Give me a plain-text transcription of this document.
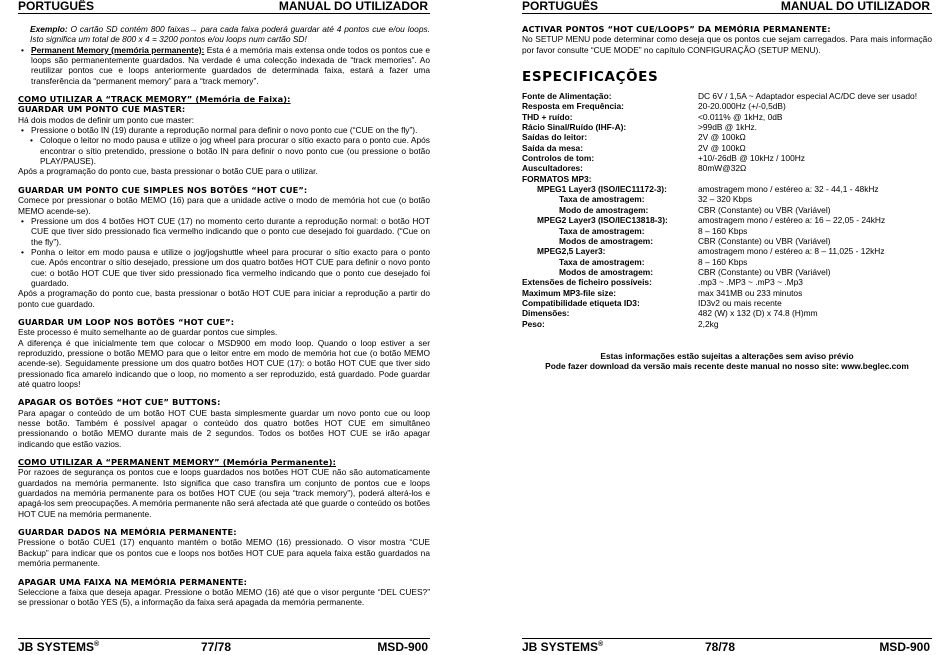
PORTUGUÊS	MANUAL DO UTILIZADOR

Exemplo: O cartão SD contém 800 faixas→ para cada faixa poderá guardar até 4 pontos cue e/ou loops. Isto significa um total de 800 x 4 = 3200 pontos e/ou loops num cartão SD!

• Permanent Memory (memória permanente): Esta é a memória mais extensa onde todos os pontos cue e loops são permanentemente guardados. Na verdade é uma colecção indexada de “track memories”. Ao reutilizar pontos cue e loops anteriormente guardados de determinada faixa, estará a fazer uma transferência da “permanent memory” para a “track memory”.

COMO UTILIZAR A “TRACK MEMORY” (Memória de Faixa):

GUARDAR UM PONTO CUE MASTER:

Há dois modos de definir um ponto cue master:

• Pressione o botão IN (19) durante a reprodução normal para definir o novo ponto cue (“CUE on the fly”).

• Coloque o leitor no modo pausa e utilize o jog wheel para procurar o sítio exacto para o ponto cue. Após encontrar o sítio pretendido, pressione o botão IN para definir o novo ponto cue (ou pressione o botão PLAY/PAUSE).

Após a programação do ponto cue, basta pressionar o botão CUE para o utilizar.

GUARDAR UM PONTO CUE SIMPLES NOS BOTÕES “HOT CUE”:

Comece por pressionar o botão MEMO (16) para que a unidade active o modo de memória hot cue (o botão MEMO acende-se).

• Pressione um dos 4 botões HOT CUE (17) no momento certo durante a reprodução normal: o botão HOT CUE que tiver sido pressionado fica vermelho indicando que o ponto cue desejado foi guardado. (“Cue on the fly”).

• Ponha o leitor em modo pausa e utilize o jog/jogshuttle wheel para procurar o sítio exacto para o ponto cue. Após encontrar o sítio desejado, pressione um dos quatro botões HOT CUE para definir o novo ponto cue: o botão HOT CUE que tiver sido pressionado fica vermelho indicando que o ponto cue desejado foi guardado.

Após a programação do ponto cue, basta pressionar o botão HOT CUE para iniciar a reprodução a partir do ponto cue guardado.

GUARDAR UM LOOP NOS BOTÕES “HOT CUE”:

Este processo é muito semelhante ao de guardar pontos cue simples.

A diferença é que inicialmente tem que colocar o MSD900 em modo loop. Quando o loop estiver a ser reproduzido, pressione o botão MEMO para que o leitor entre em modo de memória hot cue (o botão MEMO acende-se). Seguidamente pressione um dos quatro botões HOT CUE (17): o botão HOT CUE que tiver sido pressionado fica amarelo indicando que o loop, no momento a ser reproduzido, está guardado. Pode guardar até quatro loops!

APAGAR OS BOTÕES “HOT CUE” BUTTONS:

Para apagar o conteúdo de um botão HOT CUE basta simplesmente guardar um novo ponto cue ou loop nesse botão. Também é possível apagar o conteúdo dos quatro botões HOT CUE em simultâneo pressionando o botão MEMO durante mais de 2 segundos. Todos os botões HOT CUE se irão apagar indicando que estão vazios.

COMO UTILIZAR A “PERMANENT MEMORY” (Memória Permanente):

Por razoes de segurança os pontos cue e loops guardados nos botões HOT CUE não são automaticamente guardados na memória permanente. Isto significa que caso transfira um conjunto de pontos cue e loops guardados na memória permanente para os botões HOT CUE (ou seja “track memory”), poderá alterá-los e apagá-los sem preocupações. A memória permanente não será afectada até que guarde o conteúdo os botões HOT CUE na memória permanente.

GUARDAR DADOS NA MEMÓRIA PERMANENTE:

Pressione o botão CUE1 (17) enquanto mantém o botão MEMO (16) pressionado. O visor mostra “CUE Backup” para indicar que os pontos cue e loops nos botões HOT CUE para aquela faixa estão guardados na memória permanente.

APAGAR UMA FAIXA NA MEMÓRIA PERMANENTE:

Seleccione a faixa que deseja apagar. Pressione o botão MEMO (16) até que o visor pergunte “DEL CUES?” se pressionar o botão YES (5), a informação da faixa será apagada da memória permanente.

JB SYSTEMS®	77/78	MSD-900
PORTUGUÊS	MANUAL DO UTILIZADOR

ACTIVAR PONTOS “HOT CUE/LOOPS” DA MEMÓRIA PERMANENTE:

No SETUP MENU pode determinar como deseja que os pontos cue sejam carregados. Para mais informação por favor consulte “CUE MODE” no capítulo CONFIGURAÇÃO (SETUP MENU).

ESPECIFICAÇÕES

Fonte de Alimentação:	DC 6V / 1,5A ~ Adaptador especial AC/DC deve ser usado!
Resposta em Frequência:	20-20.000Hz (+/-0,5dB)
THD + ruído:	<0.011% @ 1kHz, 0dB
Rácio Sinal/Ruído (IHF-A):	>99dB @ 1kHz.
Saídas do leitor:	2V @ 100kΩ
Saída da mesa:	2V @ 100kΩ
Controlos de tom:	+10/-26dB @ 10kHz / 100Hz
Auscultadores:	80mW@32Ω
FORMATOS MP3:
MPEG1 Layer3 (ISO/IEC11172-3):	amostragem mono / estéreo a: 32 - 44,1 - 48kHz
Taxa de amostragem:	32 – 320 Kbps
Modo de amostragem:	CBR (Constante) ou VBR (Variável)
MPEG2 Layer3 (ISO/IEC13818-3):	amostragem mono / estéreo a: 16 – 22,05 - 24kHz
Taxa de amostragem:	8 – 160 Kbps
Modos de amostragem:	CBR (Constante) ou VBR (Variável)
MPEG2,5 Layer3:	amostragem mono / estéreo a: 8 – 11,025 - 12kHz
Taxa de amostragem:	8 – 160 Kbps
Modos de amostragem:	CBR (Constante) ou VBR (Variável)
Extensões de ficheiro possíveis:	.mp3 ~ .MP3 ~ .mP3 ~ .Mp3
Maximum MP3-file size:	max 341MB ou 233 minutos
Compatibilidade etiqueta ID3:	ID3v2 ou mais recente
Dimensões:	482 (W) x 132 (D) x 74.8 (H)mm
Peso:	2,2kg

Estas informações estão sujeitas a alterações sem aviso prévio

Pode fazer download da versão mais recente deste manual no nosso site: www.beglec.com

JB SYSTEMS®	78/78	MSD-900
